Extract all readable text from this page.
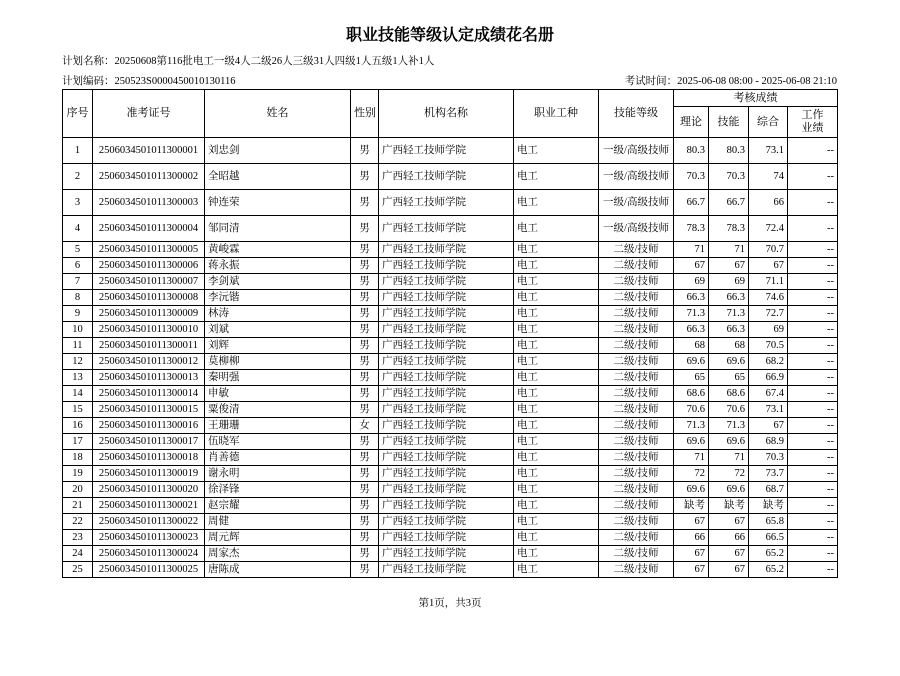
职业技能等级认定成绩花名册
计划名称：20250608第116批电工一级4人二级26人三级31人四级1人五级1人补1人
计划编码：250523S0000450010130116	考试时间：2025-06-08 08:00 - 2025-06-08 21:10
序号	准考证号	姓名	性别	机构名称	职业工种	技能等级	考核成绩			
							理论	技能	综合	工作业绩
1	2506034501011300001	刘忠剑	男	广西轻工技师学院	电工	一级/高级技师	80.3	80.3	73.1	--
2	2506034501011300002	全昭越	男	广西轻工技师学院	电工	一级/高级技师	70.3	70.3	74	--
3	2506034501011300003	钟连荣	男	广西轻工技师学院	电工	一级/高级技师	66.7	66.7	66	--
4	2506034501011300004	邹同清	男	广西轻工技师学院	电工	一级/高级技师	78.3	78.3	72.4	--
5	2506034501011300005	黄峻霖	男	广西轻工技师学院	电工	二级/技师	71	71	70.7	--
6	2506034501011300006	蒋永振	男	广西轻工技师学院	电工	二级/技师	67	67	67	--
7	2506034501011300007	李剑斌	男	广西轻工技师学院	电工	二级/技师	69	69	71.1	--
8	2506034501011300008	李沅锴	男	广西轻工技师学院	电工	二级/技师	66.3	66.3	74.6	--
9	2506034501011300009	林涛	男	广西轻工技师学院	电工	二级/技师	71.3	71.3	72.7	--
10	2506034501011300010	刘斌	男	广西轻工技师学院	电工	二级/技师	66.3	66.3	69	--
11	2506034501011300011	刘辉	男	广西轻工技师学院	电工	二级/技师	68	68	70.5	--
12	2506034501011300012	莫柳柳	男	广西轻工技师学院	电工	二级/技师	69.6	69.6	68.2	--
13	2506034501011300013	秦明强	男	广西轻工技师学院	电工	二级/技师	65	65	66.9	--
14	2506034501011300014	申敏	男	广西轻工技师学院	电工	二级/技师	68.6	68.6	67.4	--
15	2506034501011300015	粟俊清	男	广西轻工技师学院	电工	二级/技师	70.6	70.6	73.1	--
16	2506034501011300016	王珊珊	女	广西轻工技师学院	电工	二级/技师	71.3	71.3	67	--
17	2506034501011300017	伍晓军	男	广西轻工技师学院	电工	二级/技师	69.6	69.6	68.9	--
18	2506034501011300018	肖善德	男	广西轻工技师学院	电工	二级/技师	71	71	70.3	--
19	2506034501011300019	谢永明	男	广西轻工技师学院	电工	二级/技师	72	72	73.7	--
20	2506034501011300020	徐泽锋	男	广西轻工技师学院	电工	二级/技师	69.6	69.6	68.7	--
21	2506034501011300021	赵宗耀	男	广西轻工技师学院	电工	二级/技师	缺考	缺考	缺考	--
22	2506034501011300022	周健	男	广西轻工技师学院	电工	二级/技师	67	67	65.8	--
23	2506034501011300023	周元辉	男	广西轻工技师学院	电工	二级/技师	66	66	66.5	--
24	2506034501011300024	周家杰	男	广西轻工技师学院	电工	二级/技师	67	67	65.2	--
25	2506034501011300025	唐陈成	男	广西轻工技师学院	电工	二级/技师	67	67	65.2	--
第1页，共3页
